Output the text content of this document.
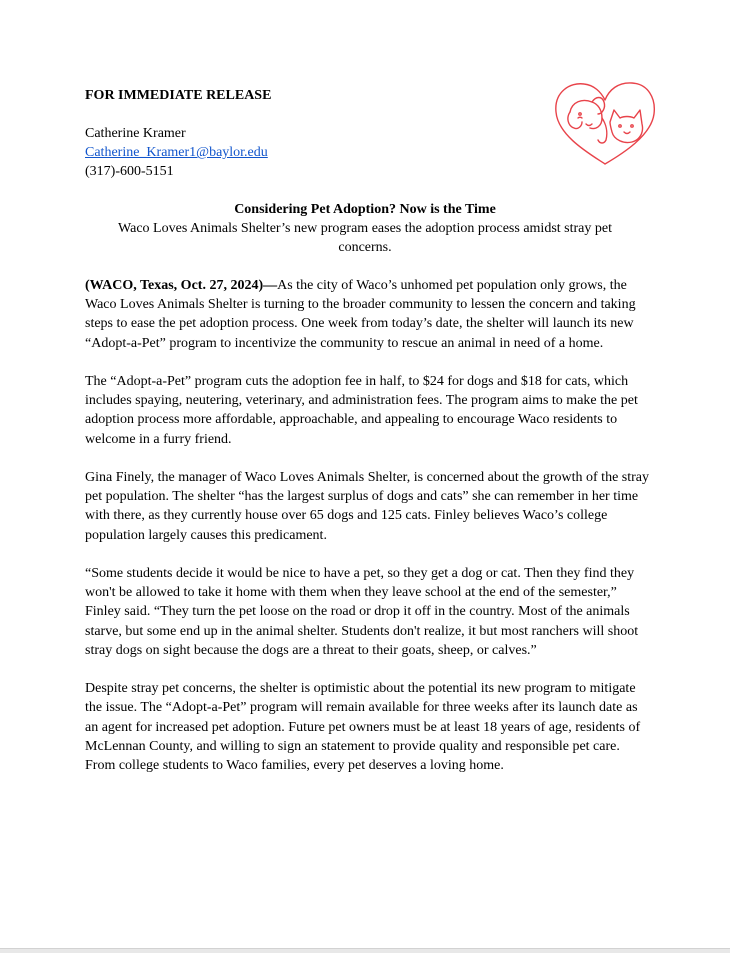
FOR IMMEDIATE RELEASE

Catherine Kramer
Catherine_Kramer1@baylor.edu
(317)-600-5151

Considering Pet Adoption? Now is the Time

Waco Loves Animals Shelter’s new program eases the adoption process amidst stray pet concerns.

(WACO, Texas, Oct. 27, 2024)—As the city of Waco’s unhomed pet population only grows, the Waco Loves Animals Shelter is turning to the broader community to lessen the concern and taking steps to ease the pet adoption process. One week from today’s date, the shelter will launch its new “Adopt-a-Pet” program to incentivize the community to rescue an animal in need of a home.

The “Adopt-a-Pet” program cuts the adoption fee in half, to $24 for dogs and $18 for cats, which includes spaying, neutering, veterinary, and administration fees. The program aims to make the pet adoption process more affordable, approachable, and appealing to encourage Waco residents to welcome in a furry friend.

Gina Finely, the manager of Waco Loves Animals Shelter, is concerned about the growth of the stray pet population. The shelter “has the largest surplus of dogs and cats” she can remember in her time with there, as they currently house over 65 dogs and 125 cats. Finley believes Waco’s college population largely causes this predicament.

“Some students decide it would be nice to have a pet, so they get a dog or cat. Then they find they won't be allowed to take it home with them when they leave school at the end of the semester,” Finley said. “They turn the pet loose on the road or drop it off in the country. Most of the animals starve, but some end up in the animal shelter. Students don't realize, it but most ranchers will shoot stray dogs on sight because the dogs are a threat to their goats, sheep, or calves.”

Despite stray pet concerns, the shelter is optimistic about the potential its new program to mitigate the issue. The “Adopt-a-Pet” program will remain available for three weeks after its launch date as an agent for increased pet adoption. Future pet owners must be at least 18 years of age, residents of McLennan County, and willing to sign an statement to provide quality and responsible pet care. From college students to Waco families, every pet deserves a loving home.
